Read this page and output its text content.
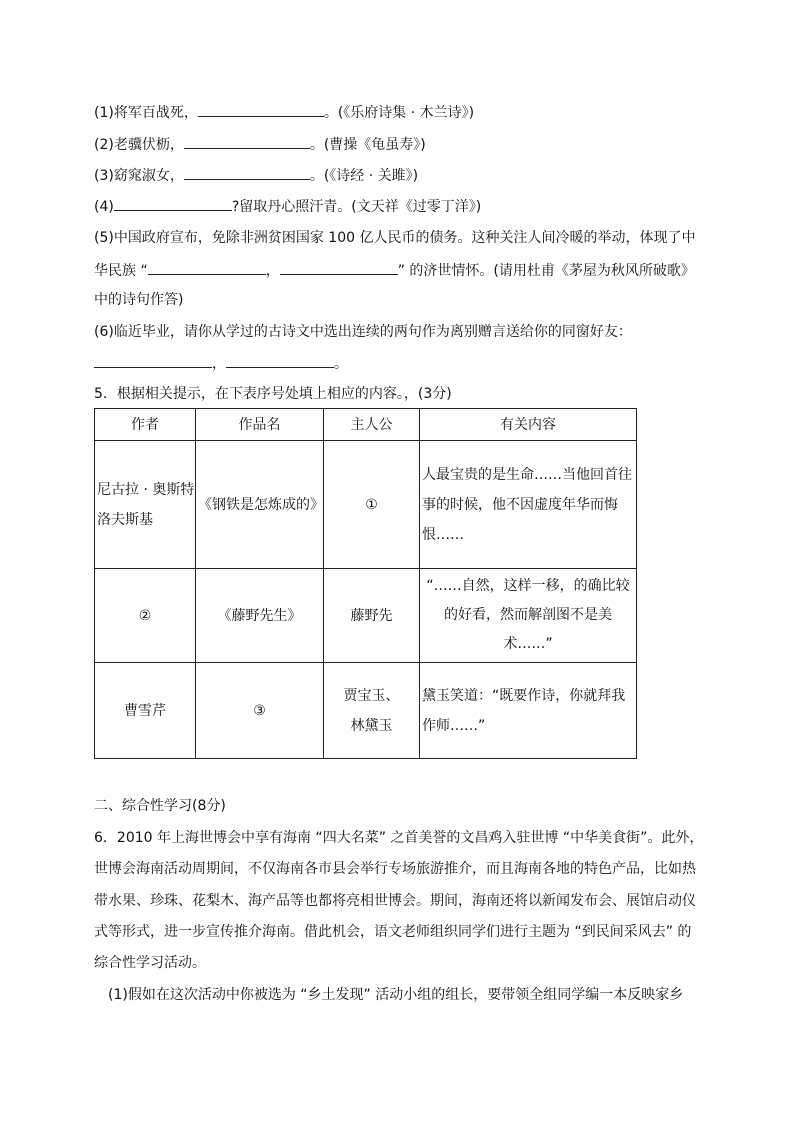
(1)将军百战死，	。(《乐府诗集 · 木兰诗》)
(2)老骥伏枥，	。(曹操《龟虽寿》)
(3)窈窕淑女，	。(《诗经 · 关雎》)
(4)	?留取丹心照汗青。(文天祥《过零丁洋》)
(5)中国政府宣布，免除非洲贫困国家 100 亿人民币的债务。这种关注人间冷暖的举动，体现了中
华民族 “	，	” 的济世情怀。(请用杜甫《茅屋为秋风所破歌》
中的诗句作答)
(6)临近毕业，请你从学过的古诗文中选出连续的两句作为离别赠言送给你的同窗好友：
，	。
5．根据相关提示，在下表序号处填上相应的内容。，(3分)
作者	作品名	主人公	有关内容
尼古拉 · 奥斯特洛夫斯基	《钢铁是怎炼成的》	①	人最宝贵的是生命……当他回首往事的时候，他不因虚度年华而悔恨……
②	《藤野先生》	藤野先	“……自然，这样一移，的确比较的好看，然而解剖图不是美术……”
曹雪芹	③	贾宝玉、林黛玉	黛玉笑道：“既要作诗，你就拜我作师……”
二、综合性学习(8分)
6．2010 年上海世博会中享有海南 “四大名菜” 之首美誉的文昌鸡入驻世博 “中华美食街”。此外，
世博会海南活动周期间，不仅海南各市县会举行专场旅游推介，而且海南各地的特色产品，比如热
带水果、珍珠、花梨木、海产品等也都将亮相世博会。期间，海南还将以新闻发布会、展馆启动仪
式等形式，进一步宣传推介海南。借此机会，语文老师组织同学们进行主题为 “到民间采风去” 的
综合性学习活动。
(1)假如在这次活动中你被选为 “乡土发现” 活动小组的组长，要带领全组同学编一本反映家乡
